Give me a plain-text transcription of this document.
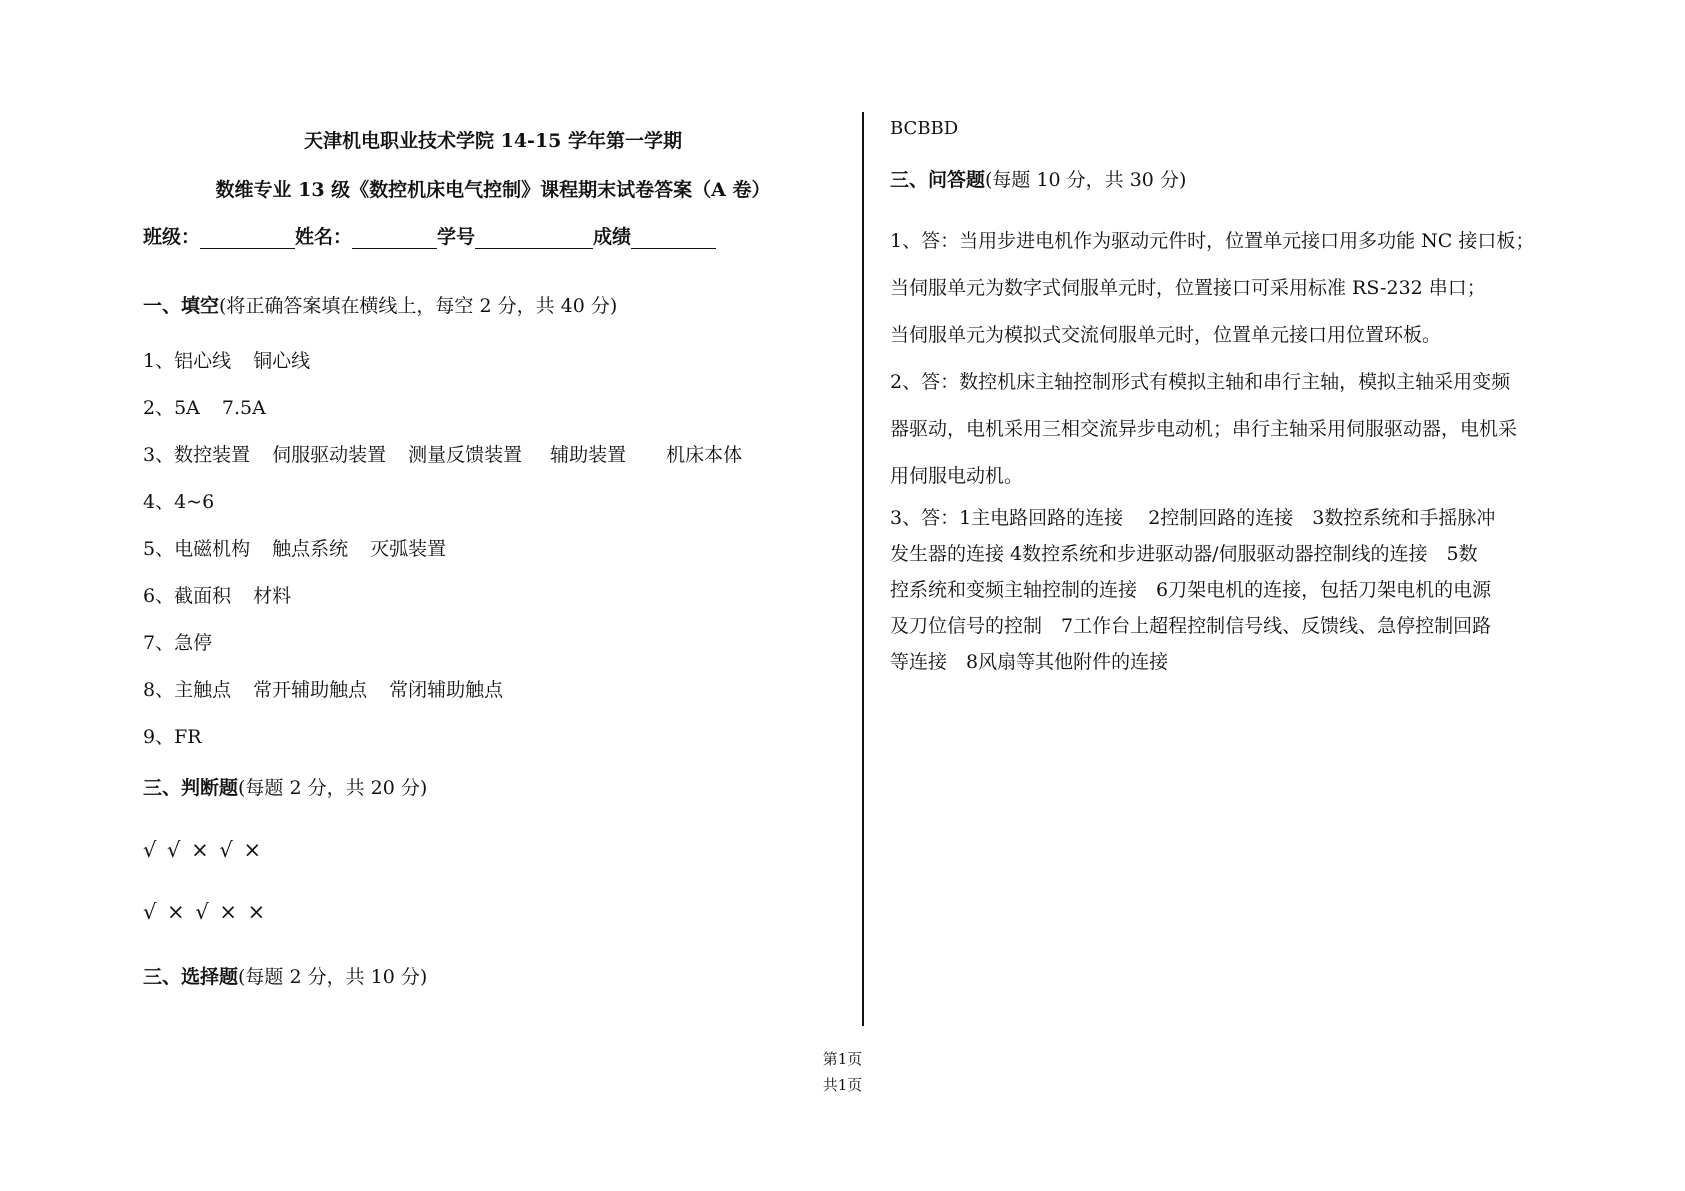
天津机电职业技术学院 14-15 学年第一学期
数维专业 13 级《数控机床电气控制》课程期末试卷答案（A 卷）
班级：	姓名：	学号	成绩
一、填空(将正确答案填在横线上，每空 2 分，共 40 分)
1、铝心线 铜心线
2、5A 7.5A
3、数控装置 伺服驱动装置 测量反馈装置 辅助装置 机床本体
4、4~6
5、电磁机构 触点系统 灭弧装置
6、截面积 材料
7、急停
8、主触点 常开辅助触点 常闭辅助触点
9、FR
三、判断题(每题 2 分，共 20 分)
√ √ × √ ×
√ × √ × ×
三、选择题(每题 2 分，共 10 分)
BCBBD
三、问答题(每题 10 分，共 30 分)
1、答：当用步进电机作为驱动元件时，位置单元接口用多功能 NC 接口板；
当伺服单元为数字式伺服单元时，位置接口可采用标准 RS-232 串口；
当伺服单元为模拟式交流伺服单元时，位置单元接口用位置环板。
2、答：数控机床主轴控制形式有模拟主轴和串行主轴，模拟主轴采用变频
器驱动，电机采用三相交流异步电动机；串行主轴采用伺服驱动器，电机采
用伺服电动机。
3、答：1主电路回路的连接　 2控制回路的连接　3数控系统和手摇脉冲
发生器的连接 4数控系统和步进驱动器/伺服驱动器控制线的连接　5数
控系统和变频主轴控制的连接　6刀架电机的连接，包括刀架电机的电源
及刀位信号的控制　7工作台上超程控制信号线、反馈线、急停控制回路
等连接　8风扇等其他附件的连接
第1页
共1页
